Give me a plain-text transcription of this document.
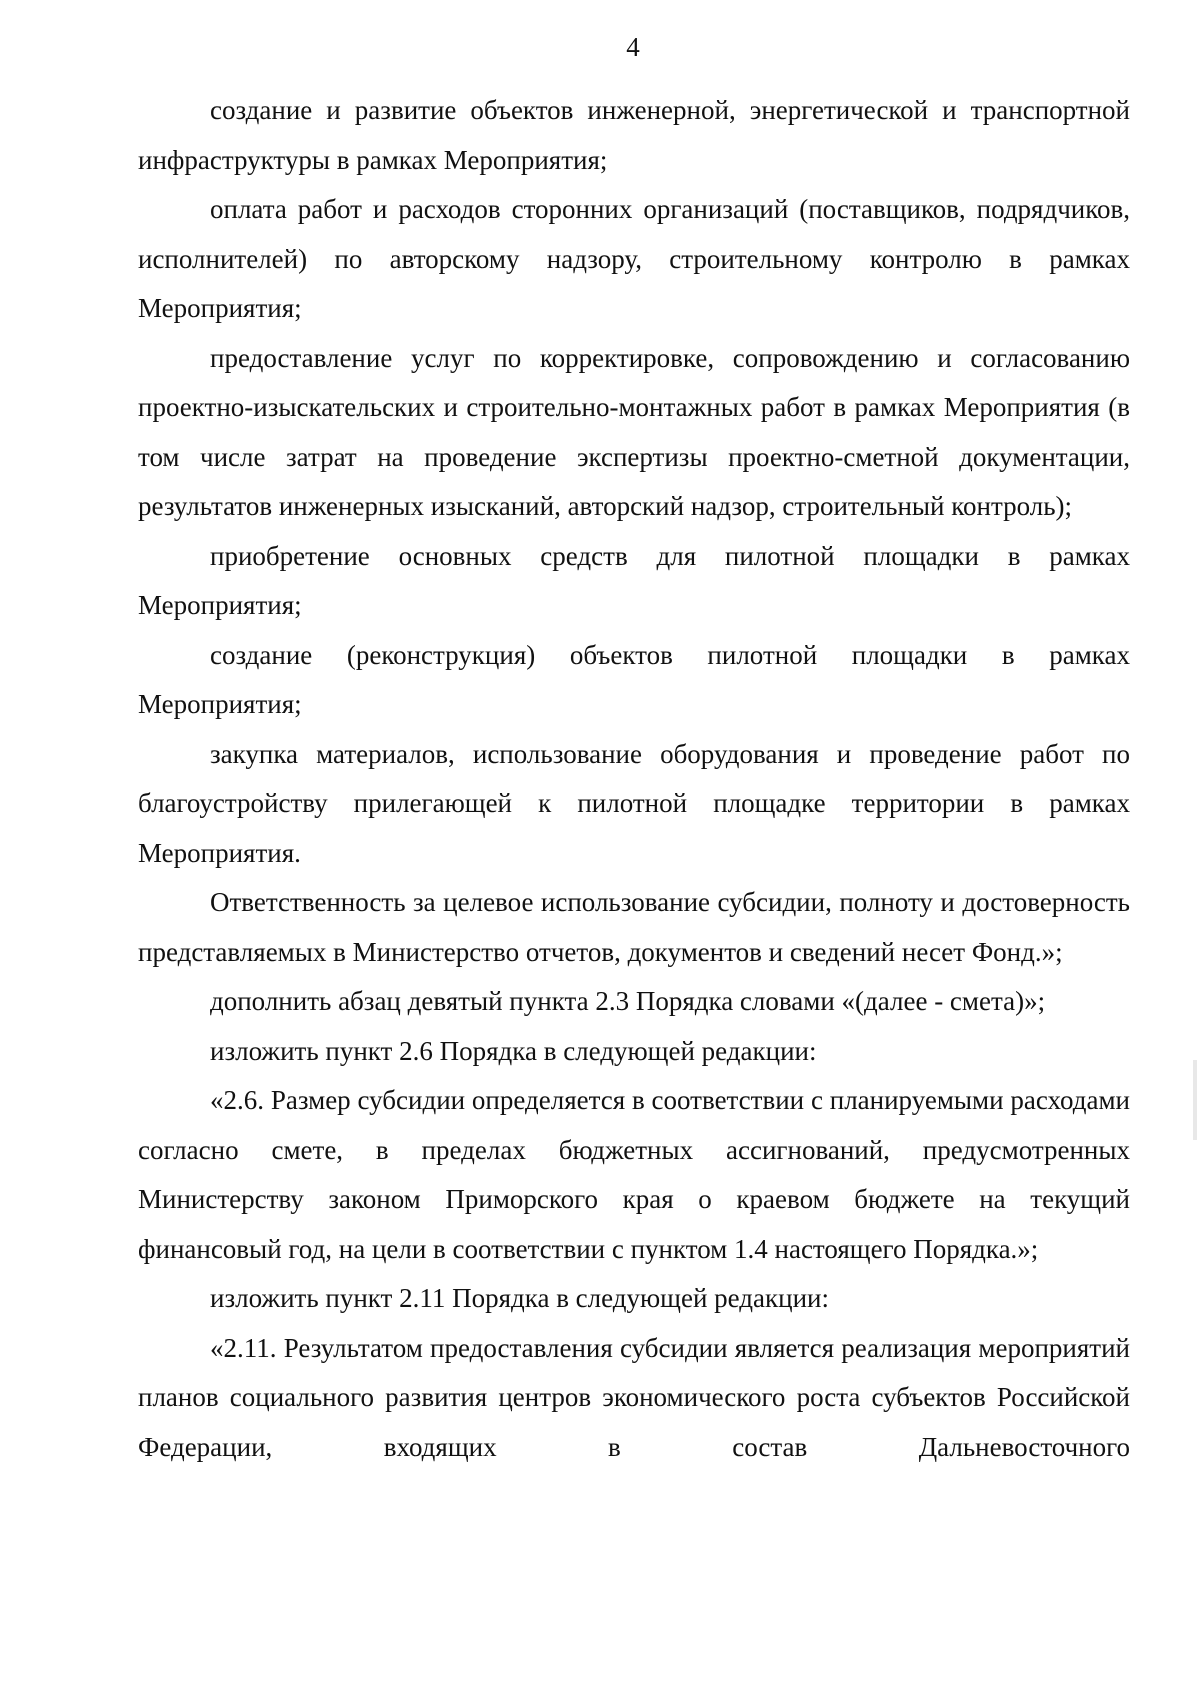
4

создание и развитие объектов инженерной, энергетической и транспортной инфраструктуры в рамках Мероприятия;

оплата работ и расходов сторонних организаций (поставщиков, подрядчиков, исполнителей) по авторскому надзору, строительному контролю в рамках Мероприятия;

предоставление услуг по корректировке, сопровождению и согласованию проектно-изыскательских и строительно-монтажных работ в рамках Мероприятия (в том числе затрат на проведение экспертизы проектно-сметной документации, результатов инженерных изысканий, авторский надзор, строительный контроль);

приобретение основных средств для пилотной площадки в рамках Мероприятия;

создание (реконструкция) объектов пилотной площадки в рамках Мероприятия;

закупка материалов, использование оборудования и проведение работ по благоустройству прилегающей к пилотной площадке территории в рамках Мероприятия.

Ответственность за целевое использование субсидии, полноту и достоверность представляемых в Министерство отчетов, документов и сведений несет Фонд.»;

дополнить абзац девятый пункта 2.3 Порядка словами «(далее - смета)»;

изложить пункт 2.6 Порядка в следующей редакции:

«2.6. Размер субсидии определяется в соответствии с планируемыми расходами согласно смете, в пределах бюджетных ассигнований, предусмотренных Министерству законом Приморского края о краевом бюджете на текущий финансовый год, на цели в соответствии с пунктом 1.4 настоящего Порядка.»;

изложить пункт 2.11 Порядка в следующей редакции:

«2.11. Результатом предоставления субсидии является реализация мероприятий планов социального развития центров экономического роста субъектов Российской Федерации, входящих в состав Дальневосточного
